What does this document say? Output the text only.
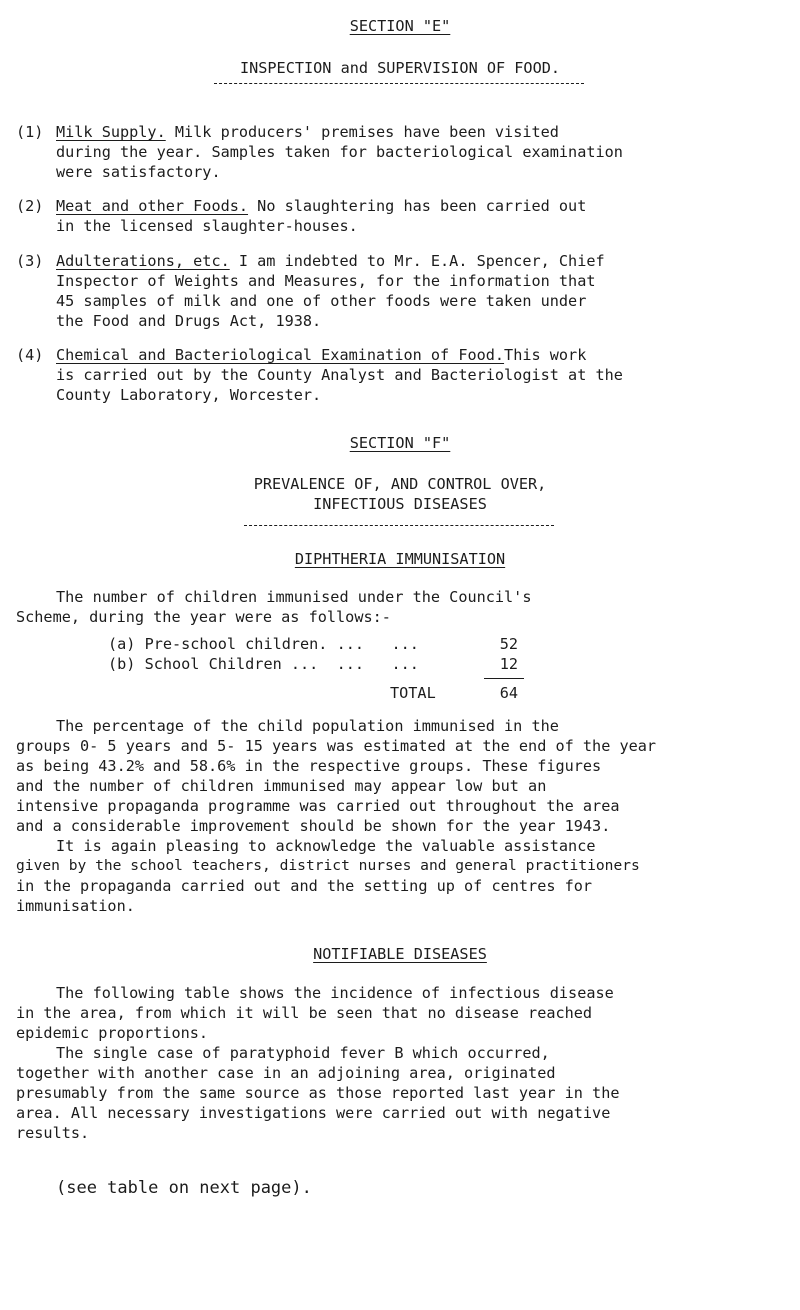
SECTION "E"
INSPECTION and SUPERVISION OF FOOD.
(1) Milk Supply. Milk producers' premises have been visited
during the year. Samples taken for bacteriological examination
were satisfactory.
(2) Meat and other Foods. No slaughtering has been carried out
in the licensed slaughter-houses.
(3) Adulterations, etc. I am indebted to Mr. E.A. Spencer, Chief
Inspector of Weights and Measures, for the information that
45 samples of milk and one of other foods were taken under
the Food and Drugs Act, 1938.
(4) Chemical and Bacteriological Examination of Food.This work
is carried out by the County Analyst and Bacteriologist at the
County Laboratory, Worcester.
SECTION "F"
PREVALENCE OF, AND CONTROL OVER,
INFECTIOUS DISEASES
DIPHTHERIA IMMUNISATION
The number of children immunised under the Council's
Scheme, during the year were as follows:-
(a) Pre-school children. ...   ...	52
(b) School Children ...  ...   ...	12
TOTAL	64
The percentage of the child population immunised in the
groups 0- 5 years and 5- 15 years was estimated at the end of the year
as being 43.2% and 58.6% in the respective groups. These figures
and the number of children immunised may appear low but an
intensive propaganda programme was carried out throughout the area
and a considerable improvement should be shown for the year 1943.
It is again pleasing to acknowledge the valuable assistance
given by the school teachers, district nurses and general practitioners
in the propaganda carried out and the setting up of centres for
immunisation.
NOTIFIABLE DISEASES
The following table shows the incidence of infectious disease
in the area, from which it will be seen that no disease reached
epidemic proportions.
The single case of paratyphoid fever B which occurred,
together with another case in an adjoining area, originated
presumably from the same source as those reported last year in the
area. All necessary investigations were carried out with negative
results.
(see table on next page).
